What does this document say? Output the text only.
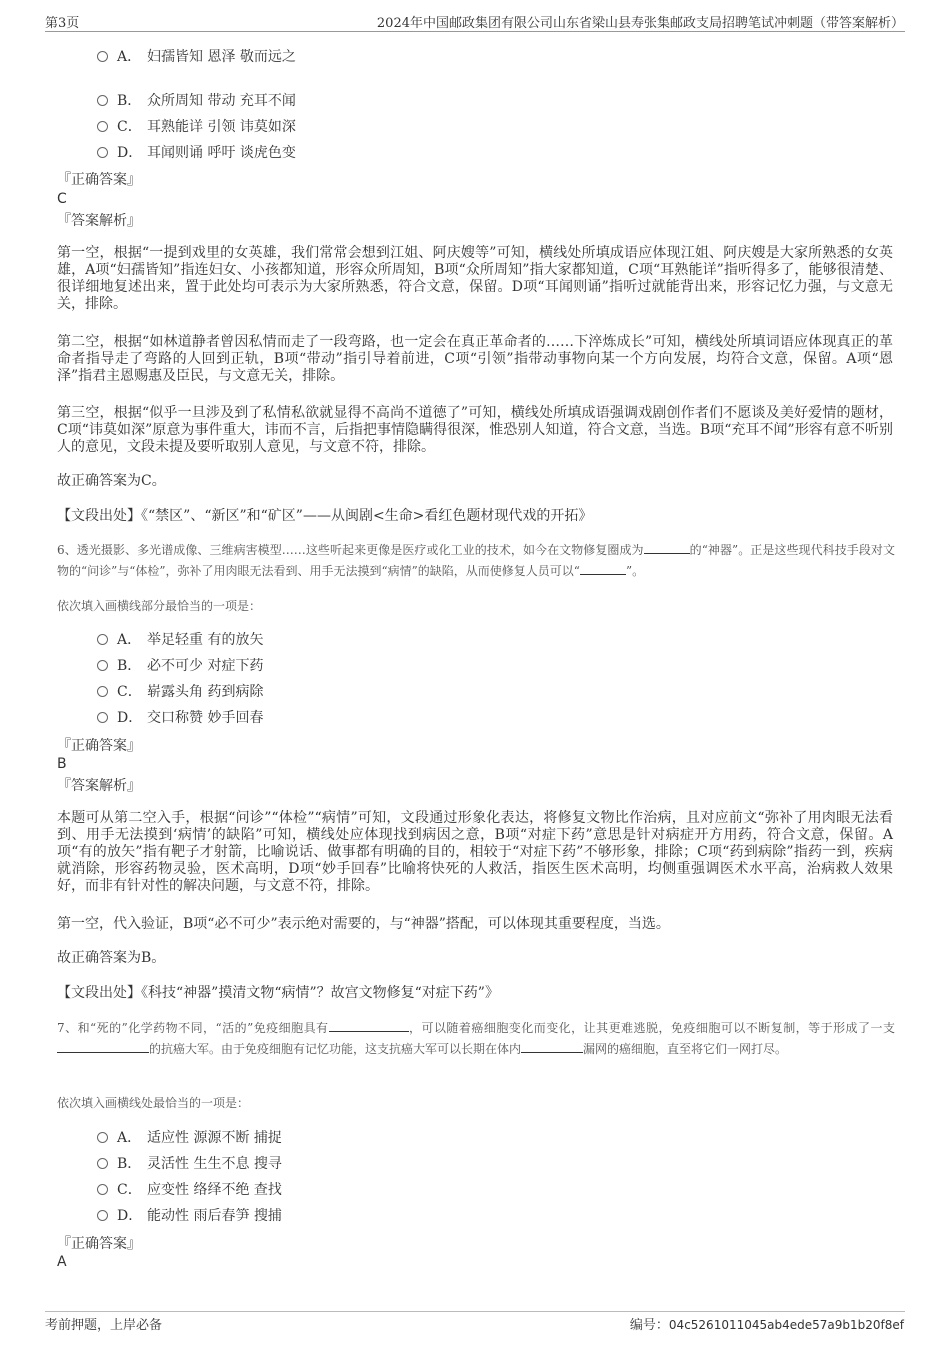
第3页	2024年中国邮政集团有限公司山东省梁山县寿张集邮政支局招聘笔试冲刺题（带答案解析）
A． 妇孺皆知 恩泽 敬而远之
B． 众所周知 带动 充耳不闻
C． 耳熟能详 引领 讳莫如深
D． 耳闻则诵 呼吁 谈虎色变
『正确答案』
C
『答案解析』
第一空，根据“一提到戏里的女英雄，我们常常会想到江姐、阿庆嫂等”可知，横线处所填成语应体现江姐、阿庆嫂是大家所熟悉的女英雄，A项“妇孺皆知”指连妇女、小孩都知道，形容众所周知，B项“众所周知”指大家都知道，C项“耳熟能详”指听得多了，能够很清楚、很详细地复述出来，置于此处均可表示为大家所熟悉，符合文意，保留。D项“耳闻则诵”指听过就能背出来，形容记忆力强，与文意无关，排除。
第二空，根据“如林道静者曾因私情而走了一段弯路，也一定会在真正革命者的……下淬炼成长”可知，横线处所填词语应体现真正的革命者指导走了弯路的人回到正轨，B项“带动”指引导着前进，C项“引领”指带动事物向某一个方向发展，均符合文意，保留。A项“恩泽”指君主恩赐惠及臣民，与文意无关，排除。
第三空，根据“似乎一旦涉及到了私情私欲就显得不高尚不道德了”可知，横线处所填成语强调戏剧创作者们不愿谈及美好爱情的题材，C项“讳莫如深”原意为事件重大，讳而不言，后指把事情隐瞒得很深，惟恐别人知道，符合文意，当选。B项“充耳不闻”形容有意不听别人的意见，文段未提及要听取别人意见，与文意不符，排除。
故正确答案为C。
【文段出处】《“禁区”、“新区”和“矿区”——从闽剧<生命>看红色题材现代戏的开拓》
6、透光摄影、多光谱成像、三维病害模型……这些听起来更像是医疗或化工业的技术，如今在文物修复圈成为	的“神器”。正是这些现代科技手段对文物的“问诊”与“体检”，弥补了用肉眼无法看到、用手无法摸到“病情”的缺陷，从而使修复人员可以“	”。
依次填入画横线部分最恰当的一项是：
A． 举足轻重 有的放矢
B． 必不可少 对症下药
C． 崭露头角 药到病除
D． 交口称赞 妙手回春
『正确答案』
B
『答案解析』
本题可从第二空入手，根据“问诊”“体检”“病情”可知，文段通过形象化表达，将修复文物比作治病，且对应前文“弥补了用肉眼无法看到、用手无法摸到‘病情’的缺陷”可知，横线处应体现找到病因之意，B项“对症下药”意思是针对病症开方用药，符合文意，保留。A项“有的放矢”指有靶子才射箭，比喻说话、做事都有明确的目的，相较于“对症下药”不够形象，排除；C项“药到病除”指药一到，疾病就消除，形容药物灵验，医术高明，D项“妙手回春”比喻将快死的人救活，指医生医术高明，均侧重强调医术水平高，治病救人效果好，而非有针对性的解决问题，与文意不符，排除。
第一空，代入验证，B项“必不可少”表示绝对需要的，与“神器”搭配，可以体现其重要程度，当选。
故正确答案为B。
【文段出处】《科技“神器”摸清文物“病情”？故宫文物修复“对症下药”》
7、和“死的”化学药物不同，“活的”免疫细胞具有	，可以随着癌细胞变化而变化，让其更难逃脱，免疫细胞可以不断复制，等于形成了一支的抗癌大军。由于免疫细胞有记忆功能，这支抗癌大军可以长期在体内	漏网的癌细胞，直至将它们一网打尽。
依次填入画横线处最恰当的一项是：
A． 适应性 源源不断 捕捉
B． 灵活性 生生不息 搜寻
C． 应变性 络绎不绝 查找
D． 能动性 雨后春笋 搜捕
『正确答案』
A
考前押题，上岸必备	编号：04c5261011045ab4ede57a9b1b20f8ef
